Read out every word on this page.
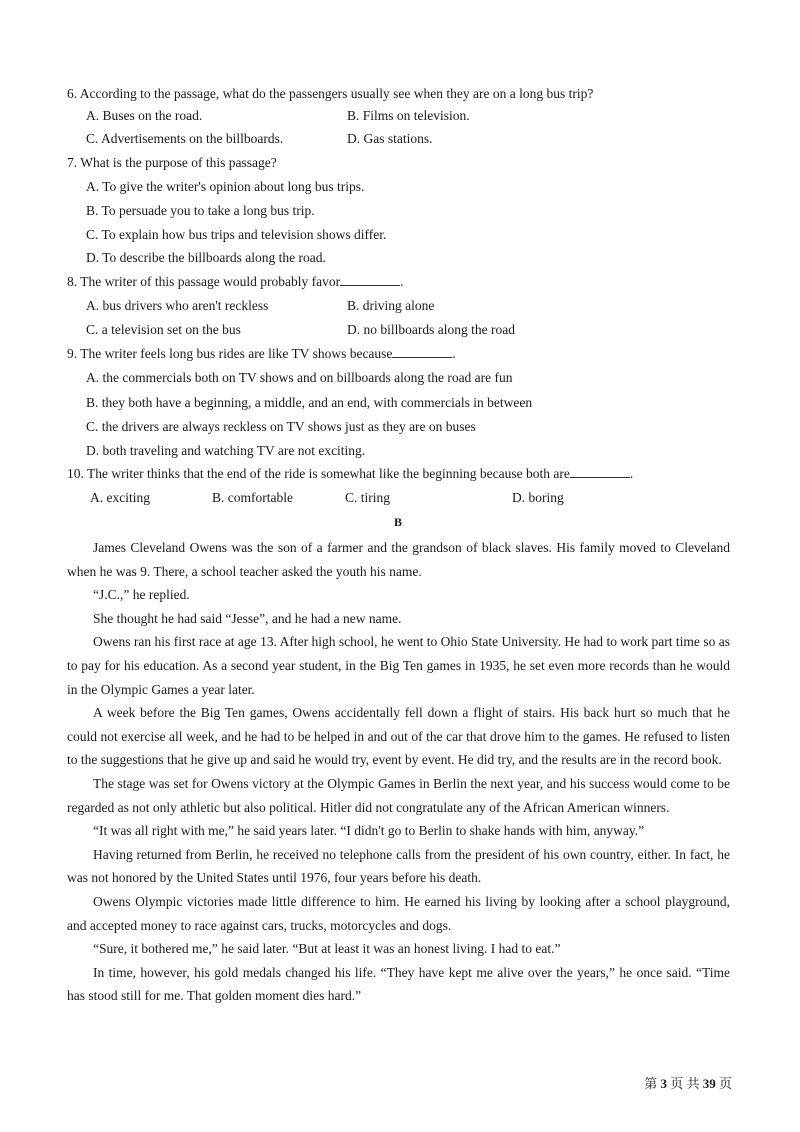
6. According to the passage, what do the passengers usually see when they are on a long bus trip?
A. Buses on the road.	B. Films on television.
C. Advertisements on the billboards.	D. Gas stations.
7. What is the purpose of this passage?
A. To give the writer's opinion about long bus trips.
B. To persuade you to take a long bus trip.
C. To explain how bus trips and television shows differ.
D. To describe the billboards along the road.
8. The writer of this passage would probably favor	.
A. bus drivers who aren't reckless	B. driving alone
C. a television set on the bus	D. no billboards along the road
9. The writer feels long bus rides are like TV shows because	.
A. the commercials both on TV shows and on billboards along the road are fun
B. they both have a beginning, a middle, and an end, with commercials in between
C. the drivers are always reckless on TV shows just as they are on buses
D. both traveling and watching TV are not exciting.
10. The writer thinks that the end of the ride is somewhat like the beginning because both are	.
A. exciting	B. comfortable	C. tiring	D. boring
B
James Cleveland Owens was the son of a farmer and the grandson of black slaves. His family moved to Cleveland when he was 9. There, a school teacher asked the youth his name.
“J.C.,” he replied.
She thought he had said “Jesse”, and he had a new name.
Owens ran his first race at age 13. After high school, he went to Ohio State University. He had to work part time so as to pay for his education. As a second year student, in the Big Ten games in 1935, he set even more records than he would in the Olympic Games a year later.
A week before the Big Ten games, Owens accidentally fell down a flight of stairs. His back hurt so much that he could not exercise all week, and he had to be helped in and out of the car that drove him to the games. He refused to listen to the suggestions that he give up and said he would try, event by event. He did try, and the results are in the record book.
The stage was set for Owens victory at the Olympic Games in Berlin the next year, and his success would come to be regarded as not only athletic but also political. Hitler did not congratulate any of the African American winners.
“It was all right with me,” he said years later. “I didn't go to Berlin to shake hands with him, anyway.”
Having returned from Berlin, he received no telephone calls from the president of his own country, either. In fact, he was not honored by the United States until 1976, four years before his death.
Owens Olympic victories made little difference to him. He earned his living by looking after a school playground, and accepted money to race against cars, trucks, motorcycles and dogs.
“Sure, it bothered me,” he said later. “But at least it was an honest living. I had to eat.”
In time, however, his gold medals changed his life. “They have kept me alive over the years,” he once said. “Time has stood still for me. That golden moment dies hard.”
第 3 页 共 39 页
